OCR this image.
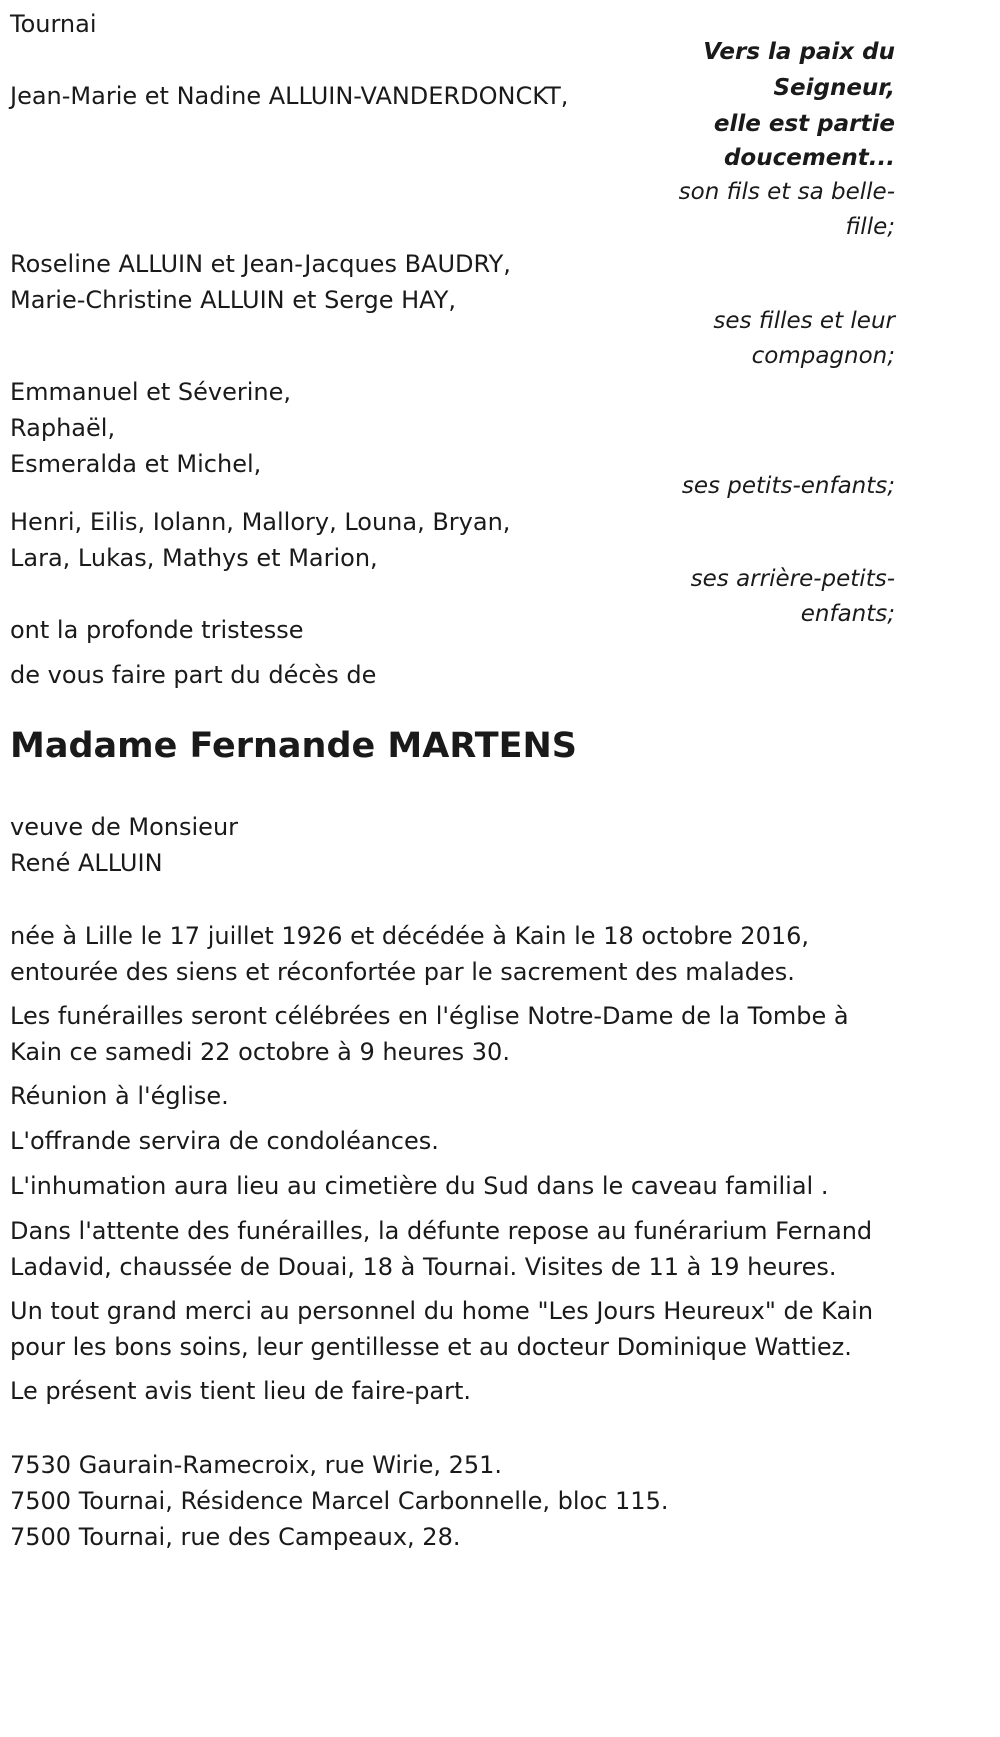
Tournai

Vers la paix du

Seigneur,

elle est partie

doucement...

Jean-Marie et Nadine ALLUIN-VANDERDONCKT,

son fils et sa belle-

fille;

Roseline ALLUIN et Jean-Jacques BAUDRY,

Marie-Christine ALLUIN et Serge HAY,

ses filles et leur

compagnon;

Emmanuel et Séverine,

Raphaël,

Esmeralda et Michel,

ses petits-enfants;

Henri, Eilis, Iolann, Mallory, Louna, Bryan,

Lara, Lukas, Mathys et Marion,

ses arrière-petits-

enfants;

ont la profonde tristesse

de vous faire part du décès de

Madame Fernande MARTENS

veuve de Monsieur

René ALLUIN

née à Lille le 17 juillet 1926 et décédée à Kain le 18 octobre 2016,

entourée des siens et réconfortée par le sacrement des malades.

Les funérailles seront célébrées en l'église Notre-Dame de la Tombe à

Kain ce samedi 22 octobre à 9 heures 30.

Réunion à l'église.

L'offrande servira de condoléances.

L'inhumation aura lieu au cimetière du Sud dans le caveau familial .

Dans l'attente des funérailles, la défunte repose au funérarium Fernand

Ladavid, chaussée de Douai, 18 à Tournai. Visites de 11 à 19 heures.

Un tout grand merci au personnel du home "Les Jours Heureux" de Kain

pour les bons soins, leur gentillesse et au docteur Dominique Wattiez.

Le présent avis tient lieu de faire-part.

7530 Gaurain-Ramecroix, rue Wirie, 251.

7500 Tournai, Résidence Marcel Carbonnelle, bloc 115.

7500 Tournai, rue des Campeaux, 28.
